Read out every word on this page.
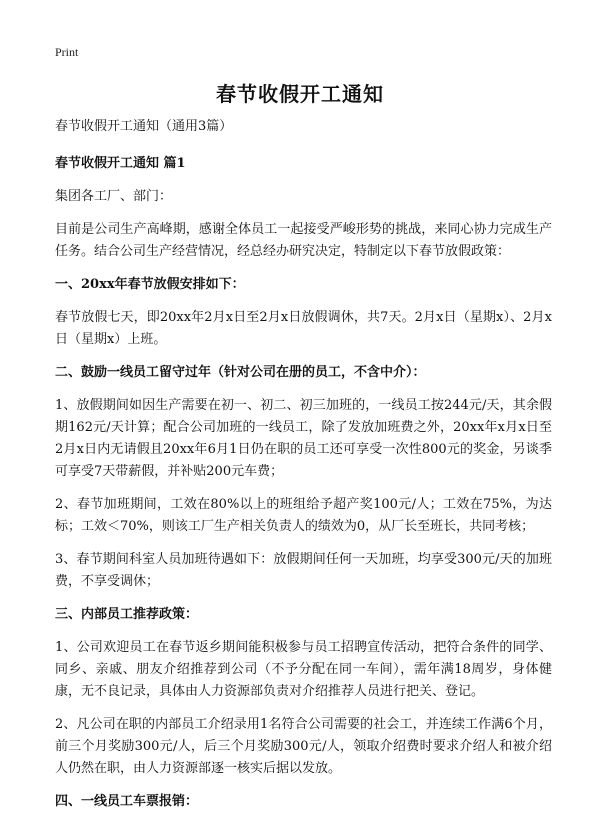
Print
春节收假开工通知

春节收假开工通知（通用3篇）

春节收假开工通知 篇1

集团各工厂、部门：

目前是公司生产高峰期，感谢全体员工一起接受严峻形势的挑战，来同心协力完成生产任务。结合公司生产经营情况，经总经办研究决定，特制定以下春节放假政策：

一、20xx年春节放假安排如下：

春节放假七天，即20xx年2月x日至2月x日放假调休，共7天。2月x日（星期x）、2月x日（星期x）上班。

二、鼓励一线员工留守过年（针对公司在册的员工，不含中介）：

1、放假期间如因生产需要在初一、初二、初三加班的，一线员工按244元/天，其余假期162元/天计算；配合公司加班的一线员工，除了发放加班费之外，20xx年x月x日至2月x日内无请假且20xx年6月1日仍在职的员工还可享受一次性800元的奖金，另谈季可享受7天带薪假，并补贴200元车费；

2、春节加班期间，工效在80%以上的班组给予超产奖100元/人；工效在75%，为达标；工效＜70%，则该工厂生产相关负责人的绩效为0，从厂长至班长，共同考核；

3、春节期间科室人员加班待遇如下：放假期间任何一天加班，均享受300元/天的加班费，不享受调休；

三、内部员工推荐政策：

1、公司欢迎员工在春节返乡期间能积极参与员工招聘宣传活动，把符合条件的同学、同乡、亲戚、朋友介绍推荐到公司（不予分配在同一车间），需年满18周岁，身体健康，无不良记录，具体由人力资源部负责对介绍推荐人员进行把关、登记。

2、凡公司在职的内部员工介绍录用1名符合公司需要的社会工，并连续工作满6个月，前三个月奖励300元/人，后三个月奖励300元/人，领取介绍费时要求介绍人和被介绍人仍然在职，由人力资源部逐一核实后据以发放。

四、一线员工车票报销：
